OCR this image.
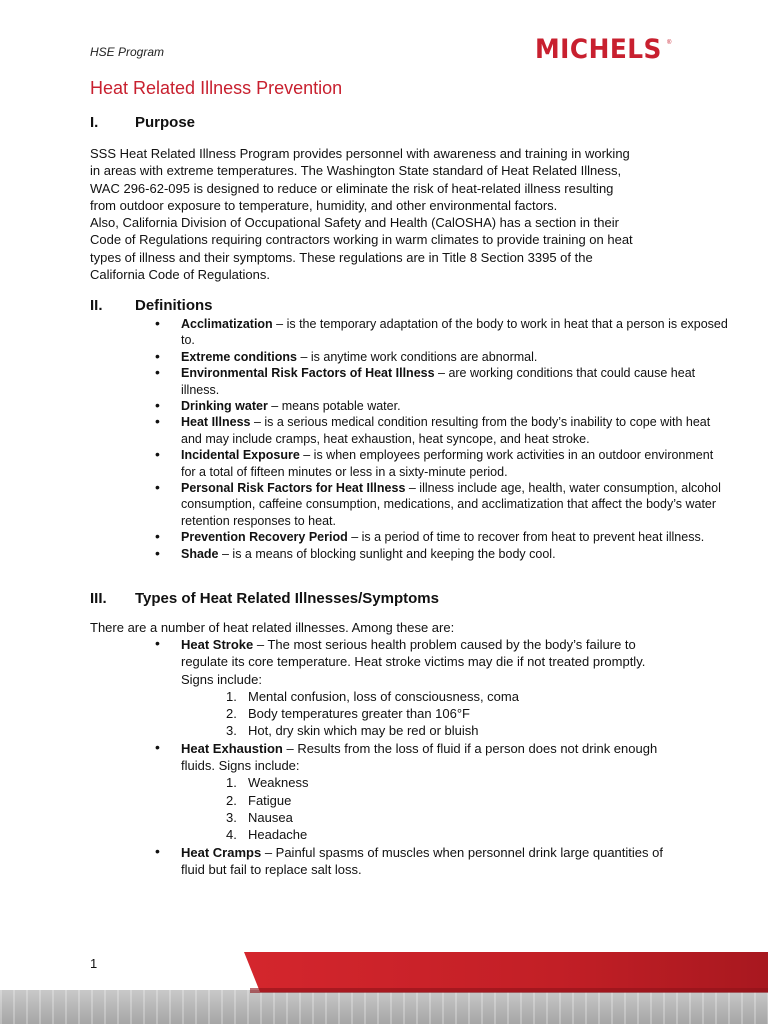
HSE Program	MICHELS ®
Heat Related Illness Prevention
I. Purpose

SSS Heat Related Illness Program provides personnel with awareness and training in working
in areas with extreme temperatures. The Washington State standard of Heat Related Illness,
WAC 296-62-095 is designed to reduce or eliminate the risk of heat-related illness resulting
from outdoor exposure to temperature, humidity, and other environmental factors.
Also, California Division of Occupational Safety and Health (CalOSHA) has a section in their
Code of Regulations requiring contractors working in warm climates to provide training on heat
types of illness and their symptoms. These regulations are in Title 8 Section 3395 of the
California Code of Regulations.

II. Definitions
• Acclimatization – is the temporary adaptation of the body to work in heat that a person is exposed to.
• Extreme conditions – is anytime work conditions are abnormal.
• Environmental Risk Factors of Heat Illness – are working conditions that could cause heat illness.
• Drinking water – means potable water.
• Heat Illness – is a serious medical condition resulting from the body’s inability to cope with heat and may include cramps, heat exhaustion, heat syncope, and heat stroke.
• Incidental Exposure – is when employees performing work activities in an outdoor environment for a total of fifteen minutes or less in a sixty-minute period.
• Personal Risk Factors for Heat Illness – illness include age, health, water consumption, alcohol consumption, caffeine consumption, medications, and acclimatization that affect the body’s water retention responses to heat.
• Prevention Recovery Period – is a period of time to recover from heat to prevent heat illness.
• Shade – is a means of blocking sunlight and keeping the body cool.
III. Types of Heat Related Illnesses/Symptoms

There are a number of heat related illnesses. Among these are:

• Heat Stroke – The most serious health problem caused by the body’s failure to regulate its core temperature. Heat stroke victims may die if not treated promptly. Signs include:
1. Mental confusion, loss of consciousness, coma
2. Body temperatures greater than 106°F
3. Hot, dry skin which may be red or bluish
• Heat Exhaustion – Results from the loss of fluid if a person does not drink enough fluids. Signs include:
1. Weakness
2. Fatigue
3. Nausea
4. Headache
• Heat Cramps – Painful spasms of muscles when personnel drink large quantities of fluid but fail to replace salt loss.
1
